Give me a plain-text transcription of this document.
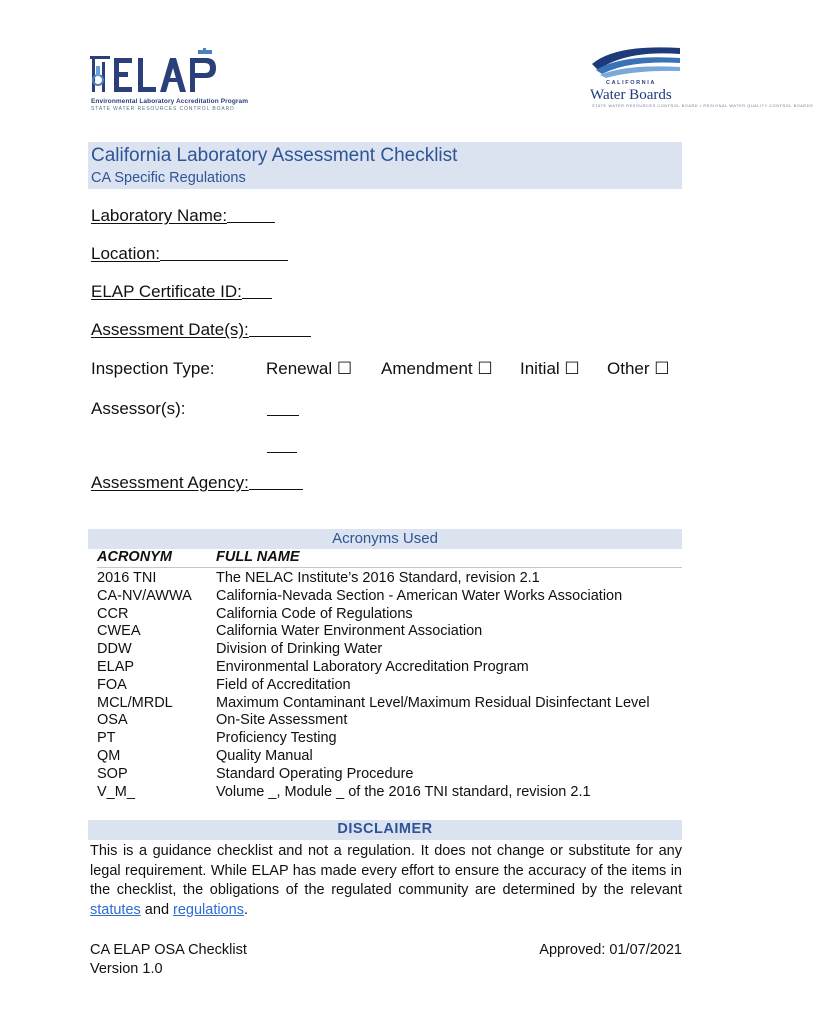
Environmental Laboratory Accreditation Program
STATE WATER RESOURCES CONTROL BOARD
CALIFORNIA
Water Boards
STATE WATER RESOURCES CONTROL BOARD • REGIONAL WATER QUALITY CONTROL BOARDS
California Laboratory Assessment Checklist
CA Specific Regulations
Laboratory Name:
Location:
ELAP Certificate ID:
Assessment Date(s):
Inspection Type:	Renewal ☐ Amendment ☐ Initial ☐ Other ☐
Assessor(s):
Assessment Agency:
Acronyms Used
ACRONYM	FULL NAME
2016 TNI	The NELAC Institute’s 2016 Standard, revision 2.1
CA-NV/AWWA California-Nevada Section - American Water Works Association
CCR	California Code of Regulations
CWEA	California Water Environment Association
DDW	Division of Drinking Water
ELAP	Environmental Laboratory Accreditation Program
FOA	Field of Accreditation
MCL/MRDL	Maximum Contaminant Level/Maximum Residual Disinfectant Level
OSA	On-Site Assessment
PT	Proficiency Testing
QM	Quality Manual
SOP	Standard Operating Procedure
V_M_	Volume _, Module _ of the 2016 TNI standard, revision 2.1
DISCLAIMER
This is a guidance checklist and not a regulation. It does not change or substitute for any legal requirement. While ELAP has made every effort to ensure the accuracy of the items in the checklist, the obligations of the regulated community are determined by the relevant statutes and regulations.
CA ELAP OSA Checklist
Version 1.0
Approved: 01/07/2021
